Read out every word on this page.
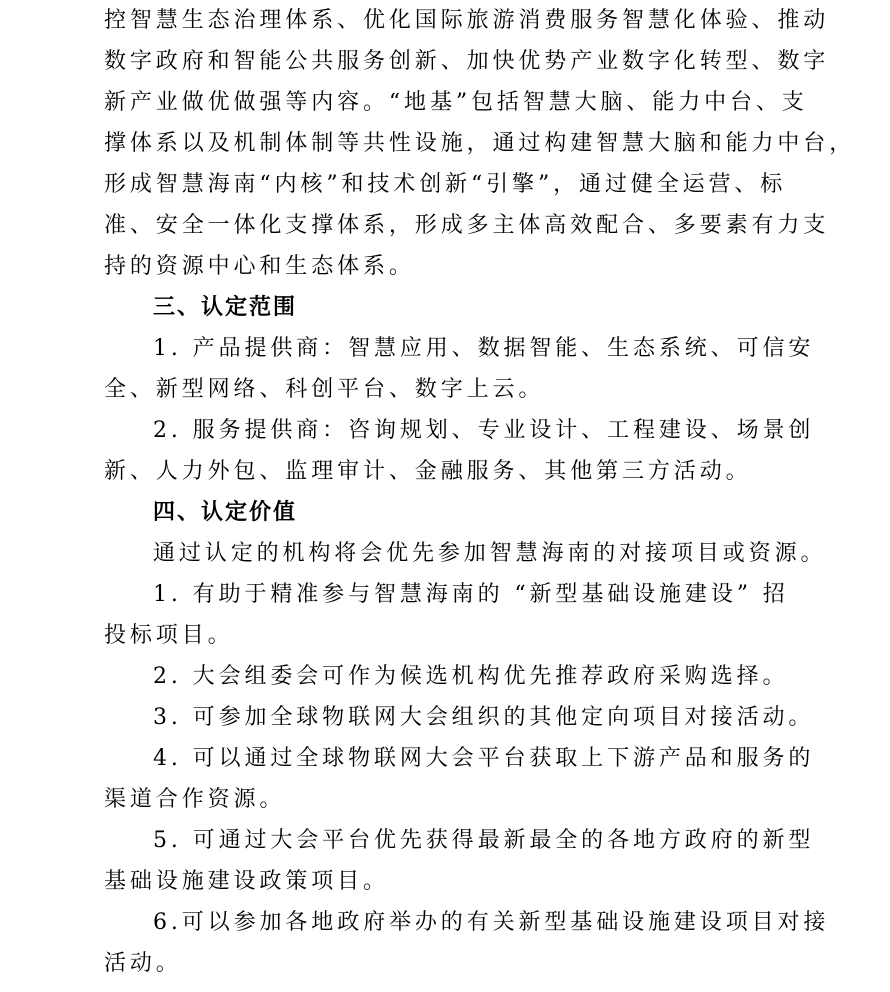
控智慧生态治理体系、优化国际旅游消费服务智慧化体验、推动
数字政府和智能公共服务创新、加快优势产业数字化转型、数字
新产业做优做强等内容。“地基”包括智慧大脑、能力中台、支
撑体系以及机制体制等共性设施，通过构建智慧大脑和能力中台，
形成智慧海南“内核”和技术创新“引擎”，通过健全运营、标
准、安全一体化支撑体系，形成多主体高效配合、多要素有力支
持的资源中心和生态体系。
三、认定范围
1. 产品提供商：智慧应用、数据智能、生态系统、可信安
全、新型网络、科创平台、数字上云。
2. 服务提供商：咨询规划、专业设计、工程建设、场景创
新、人力外包、监理审计、金融服务、其他第三方活动。
四、认定价值
通过认定的机构将会优先参加智慧海南的对接项目或资源。
1. 有助于精准参与智慧海南的 “新型基础设施建设” 招
投标项目。
2. 大会组委会可作为候选机构优先推荐政府采购选择。
3. 可参加全球物联网大会组织的其他定向项目对接活动。
4. 可以通过全球物联网大会平台获取上下游产品和服务的
渠道合作资源。
5. 可通过大会平台优先获得最新最全的各地方政府的新型
基础设施建设政策项目。
6.可以参加各地政府举办的有关新型基础设施建设项目对接
活动。
